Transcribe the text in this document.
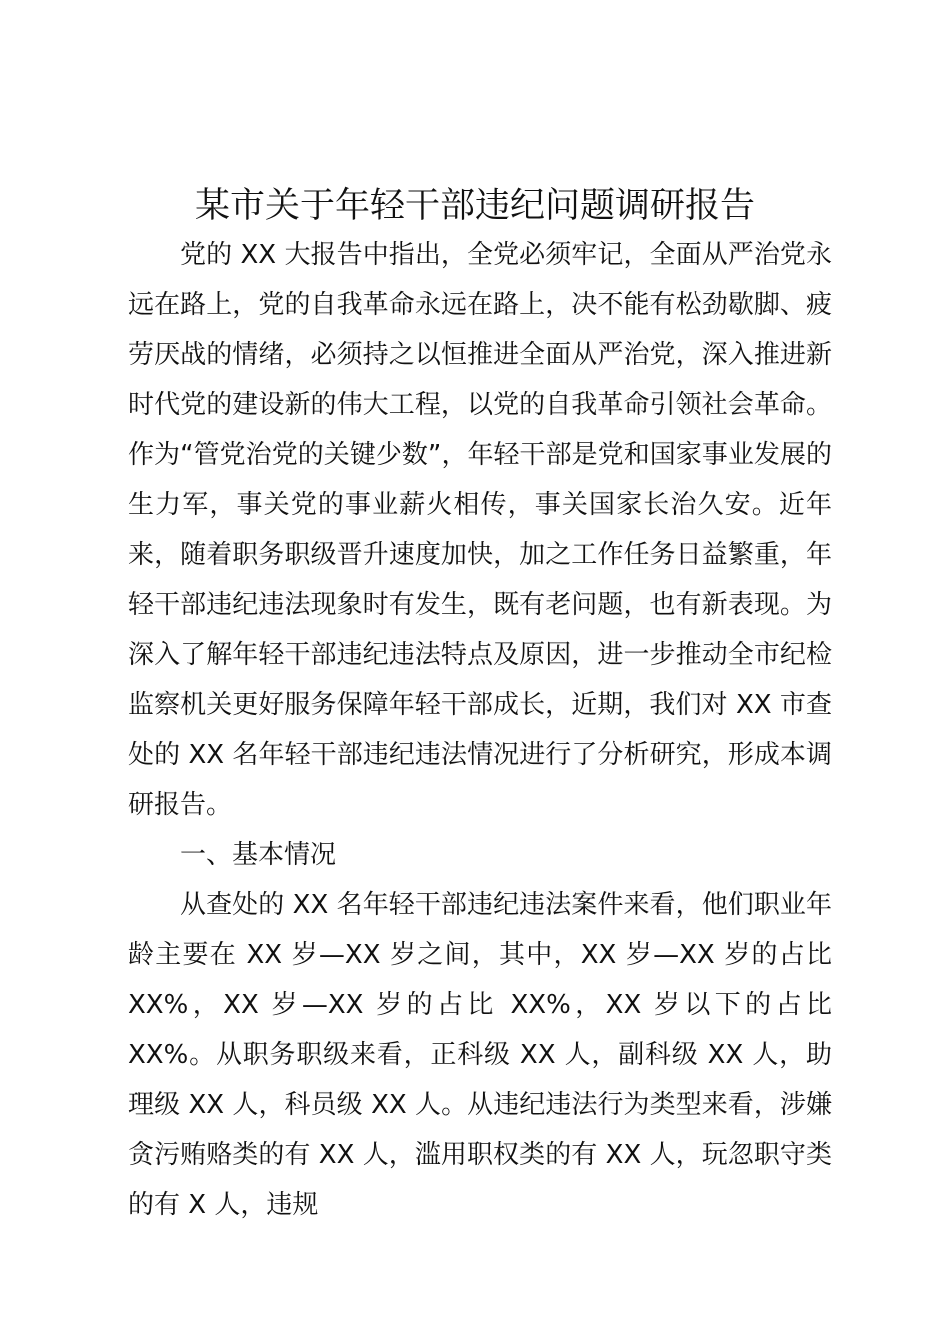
某市关于年轻干部违纪问题调研报告

党的 XX 大报告中指出，全党必须牢记，全面从严治党永远在路上，党的自我革命永远在路上，决不能有松劲歇脚、疲劳厌战的情绪，必须持之以恒推进全面从严治党，深入推进新时代党的建设新的伟大工程，以党的自我革命引领社会革命。作为“管党治党的关键少数”，年轻干部是党和国家事业发展的生力军，事关党的事业薪火相传，事关国家长治久安。近年来，随着职务职级晋升速度加快，加之工作任务日益繁重，年轻干部违纪违法现象时有发生，既有老问题，也有新表现。为深入了解年轻干部违纪违法特点及原因，进一步推动全市纪检监察机关更好服务保障年轻干部成长，近期，我们对 XX 市查处的 XX 名年轻干部违纪违法情况进行了分析研究，形成本调研报告。

一、基本情况

从查处的 XX 名年轻干部违纪违法案件来看，他们职业年龄主要在 XX 岁—XX 岁之间，其中，XX 岁—XX 岁的占比 XX%，XX 岁—XX 岁的占比 XX%，XX 岁以下的占比 XX%。从职务职级来看，正科级 XX 人，副科级 XX 人，助理级 XX 人，科员级 XX 人。从违纪违法行为类型来看，涉嫌贪污贿赂类的有 XX 人，滥用职权类的有 XX 人，玩忽职守类的有 X 人，违规
